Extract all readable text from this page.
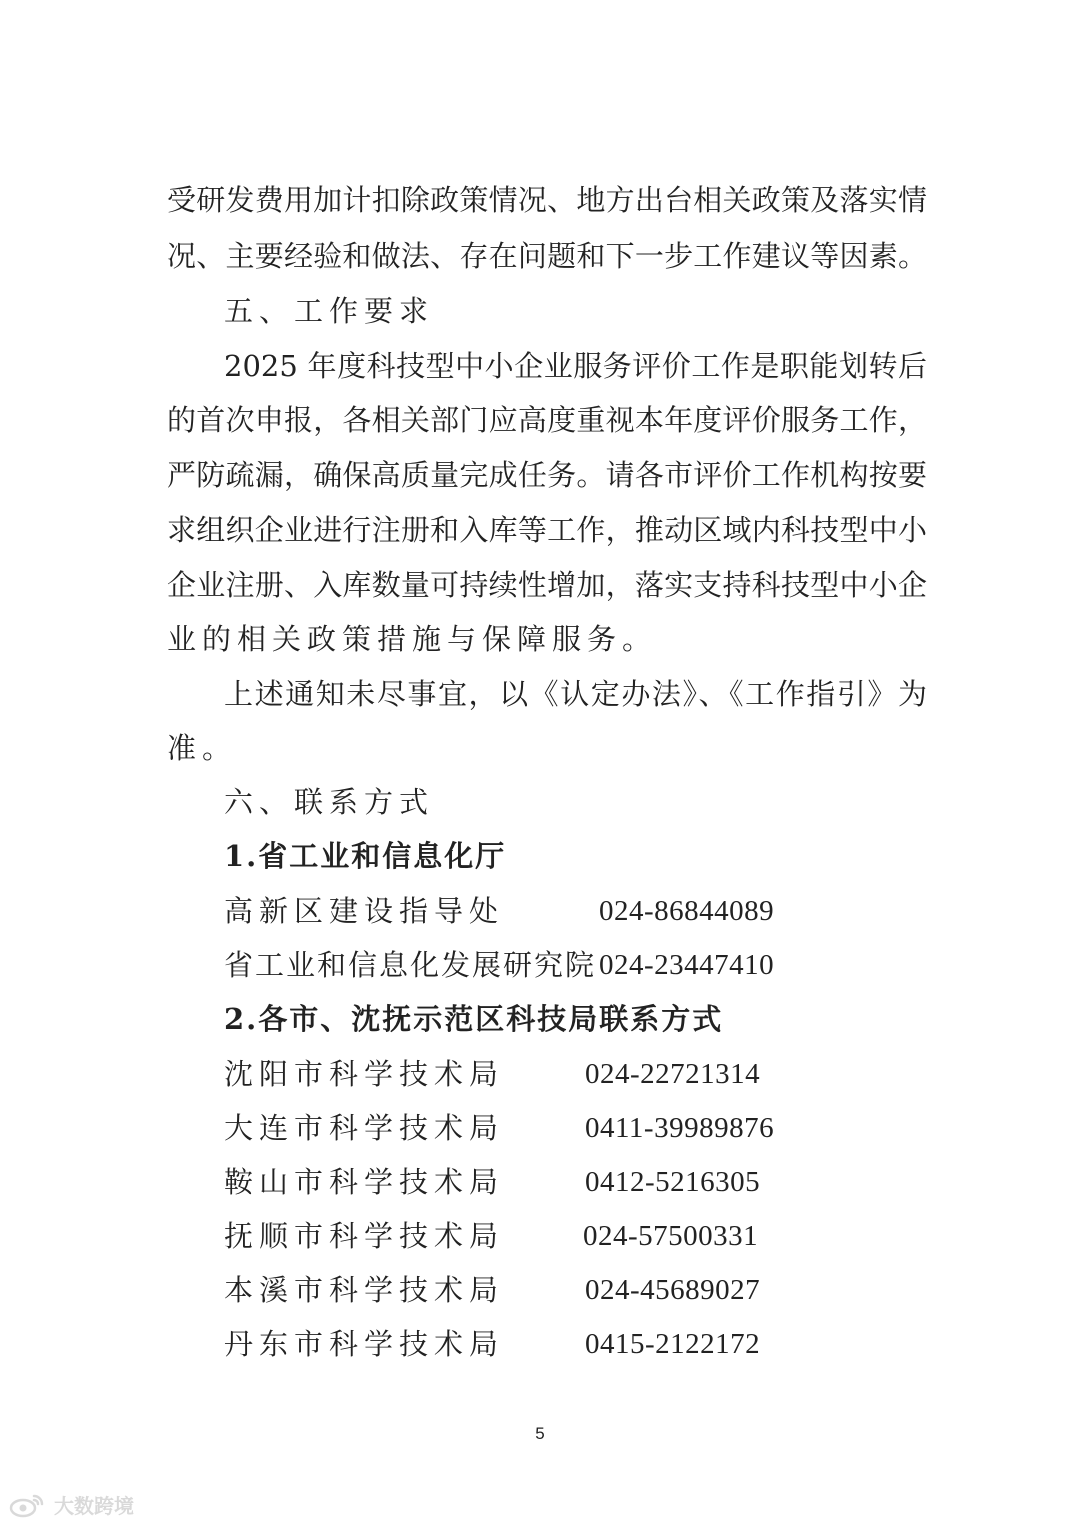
受研发费用加计扣除政策情况、地方出台相关政策及落实情
况、主要经验和做法、存在问题和下一步工作建议等因素。
五、工作要求
2025 年度科技型中小企业服务评价工作是职能划转后
的首次申报，各相关部门应高度重视本年度评价服务工作，
严防疏漏，确保高质量完成任务。请各市评价工作机构按要
求组织企业进行注册和入库等工作，推动区域内科技型中小
企业注册、入库数量可持续性增加，落实支持科技型中小企
业的相关政策措施与保障服务。
上述通知未尽事宜，以《认定办法》、《工作指引》为
准。
六、联系方式
1.省工业和信息化厅
高新区建设指导处	024-86844089
省工业和信息化发展研究院 024-23447410
2.各市、沈抚示范区科技局联系方式
沈阳市科学技术局	024-22721314
大连市科学技术局	0411-39989876
鞍山市科学技术局	0412-5216305
抚顺市科学技术局	024-57500331
本溪市科学技术局	024-45689027
丹东市科学技术局	0415-2122172
5
大数跨境
